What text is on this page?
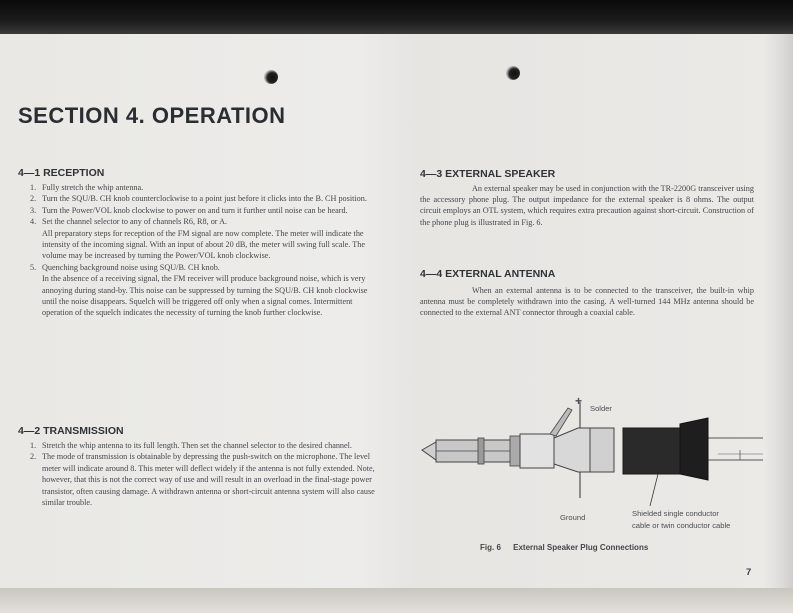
SECTION 4. OPERATION
4—1 RECEPTION
1. Fully stretch the whip antenna.
2. Turn the SQU/B. CH knob counterclockwise to a point just before it clicks into the B. CH position.
3. Turn the Power/VOL knob clockwise to power on and turn it further until noise can be heard.
4. Set the channel selector to any of channels R6, R8, or A.

All preparatory steps for reception of the FM signal are now complete. The meter will indicate the intensity of the incoming signal. With an input of about 20 dB, the meter will swing full scale. The volume may be increased by turning the Power/VOL knob clockwise.

5. Quenching background noise using SQU/B. CH knob.

In the absence of a receiving signal, the FM receiver will produce background noise, which is very annoying during stand-by. This noise can be suppressed by turning the SQU/B. CH knob clockwise until the noise disappears. Squelch will be triggered off only when a signal comes. Intermittent operation of the squelch indicates the necessity of turning the knob further clockwise.

4—2 TRANSMISSION
1. Stretch the whip antenna to its full length. Then set the channel selector to the desired channel.
2. The mode of transmission is obtainable by depressing the push-switch on the microphone. The level meter will indicate around 8. This meter will deflect widely if the antenna is not fully extended. Note, however, that this is not the correct way of use and will result in an overload in the final-stage power transistor, often causing damage. A withdrawn antenna or short-circuit antenna system will also cause similar trouble.
4—3 EXTERNAL SPEAKER

An external speaker may be used in conjunction with the TR-2200G transceiver using the accessory phone plug. The output impedance for the external speaker is 8 ohms. The output circuit employs an OTL system, which requires extra precaution against short-circuit. Construction of the phone plug is illustrated in Fig. 6.

4—4 EXTERNAL ANTENNA

When an external antenna is to be connected to the transceiver, the built-in whip antenna must be completely withdrawn into the casing. A well-turned 144 MHz antenna should be connected to the external ANT connector through a coaxial cable.

+
Solder
Ground	Shielded single conductor
cable or twin conductor cable

Fig. 6 External Speaker Plug Connections

7
